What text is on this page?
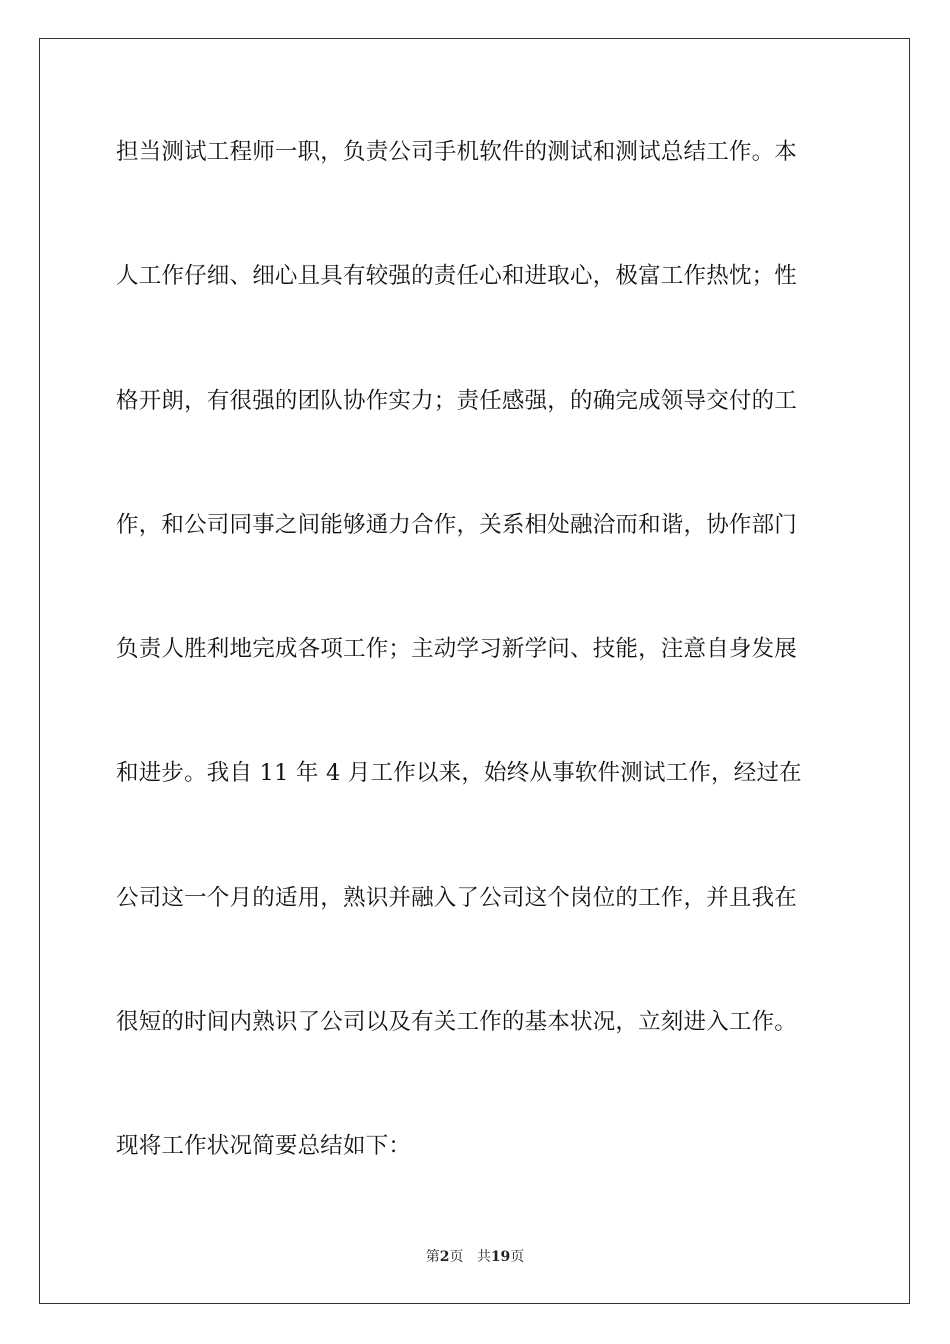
担当测试工程师一职，负责公司手机软件的测试和测试总结工作。本
人工作仔细、细心且具有较强的责任心和进取心，极富工作热忱；性
格开朗，有很强的团队协作实力；责任感强，的确完成领导交付的工
作，和公司同事之间能够通力合作，关系相处融洽而和谐，协作部门
负责人胜利地完成各项工作；主动学习新学问、技能，注意自身发展
和进步。我自 11 年 4 月工作以来，始终从事软件测试工作，经过在
公司这一个月的适用，熟识并融入了公司这个岗位的工作，并且我在
很短的时间内熟识了公司以及有关工作的基本状况，立刻进入工作。
现将工作状况简要总结如下：
第2页 共19页
